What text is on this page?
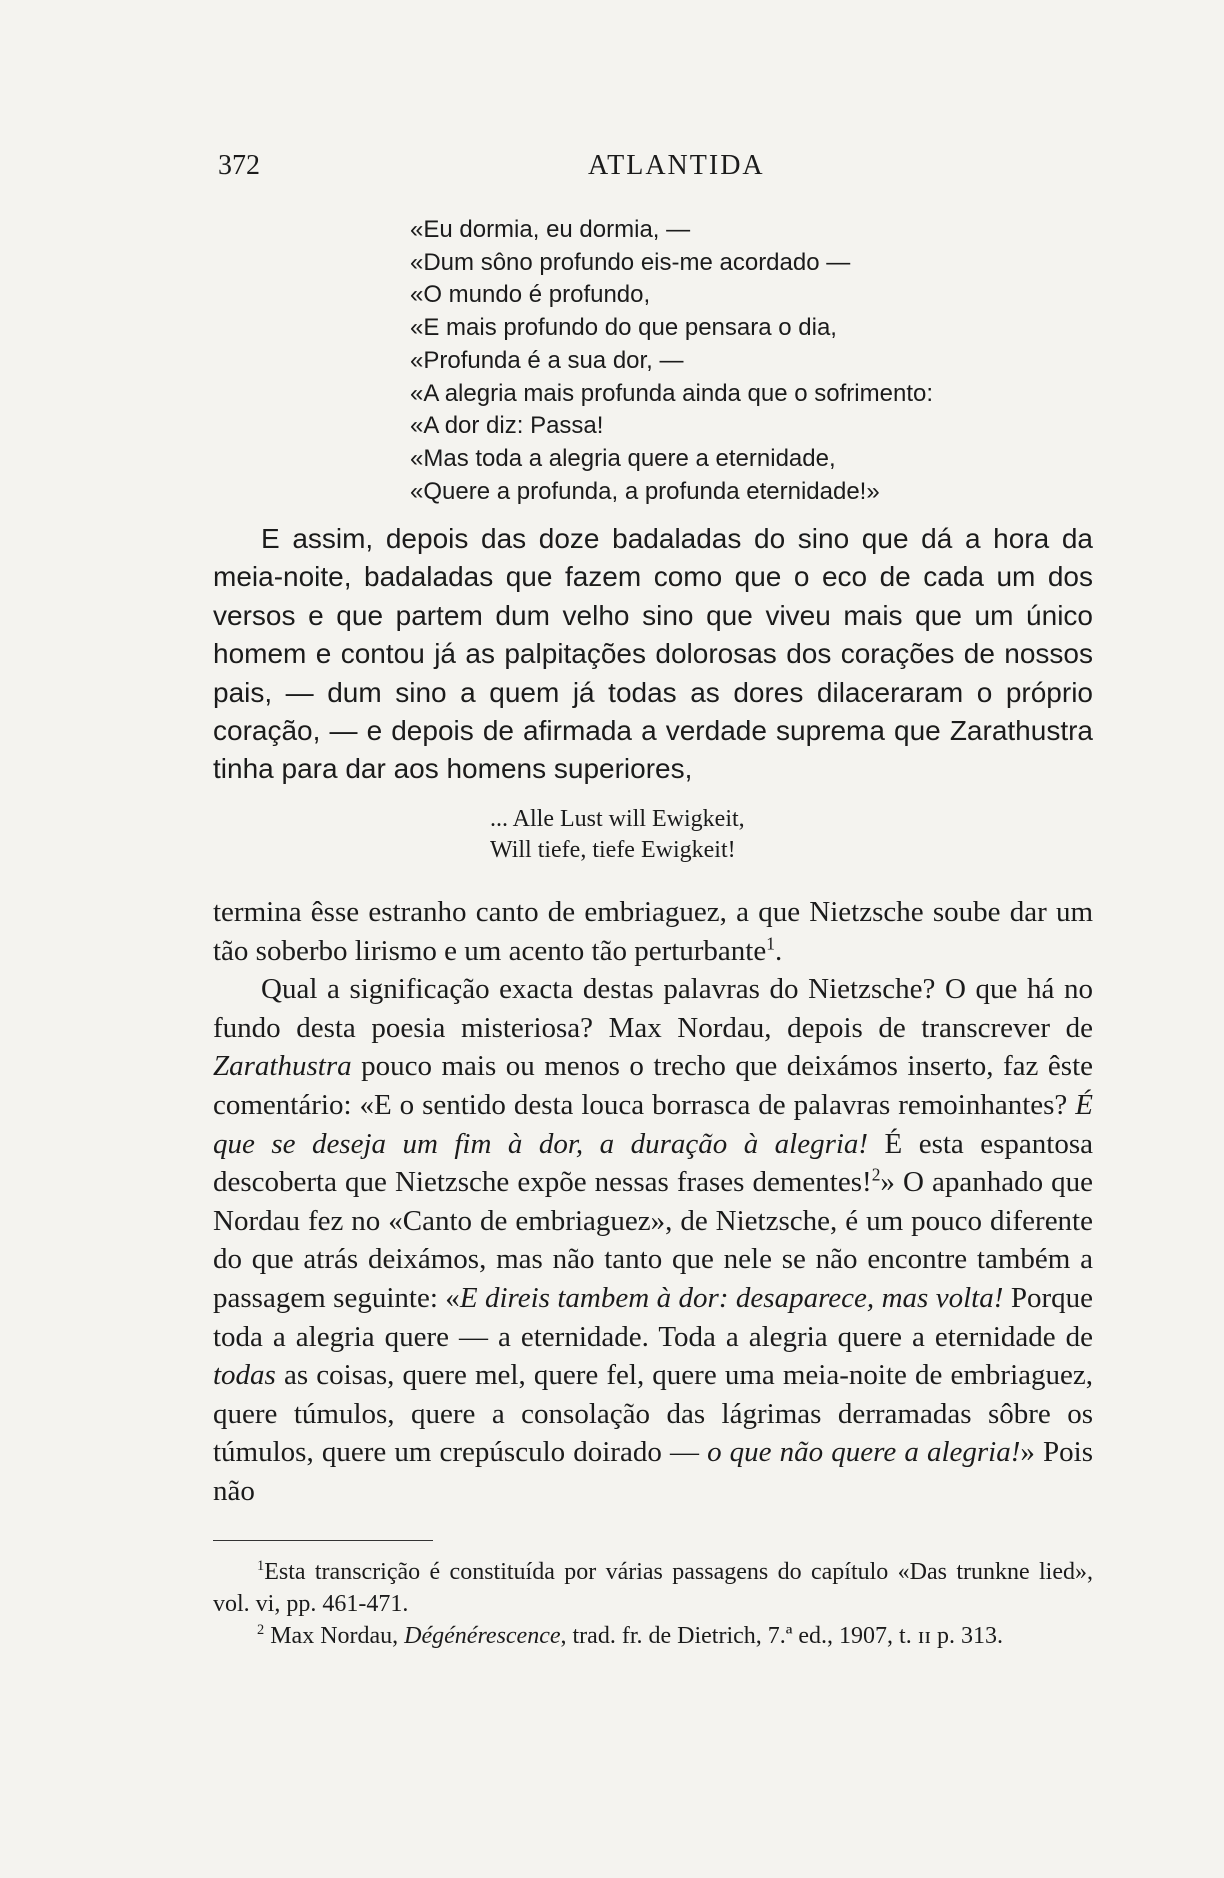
372	ATLANTIDA
«Eu dormia, eu dormia, —
«Dum sôno profundo eis-me acordado —
«O mundo é profundo,
«E mais profundo do que pensara o dia,
«Profunda é a sua dor, —
«A alegria mais profunda ainda que o sofrimento:
«A dor diz: Passa!
«Mas toda a alegria quere a eternidade,
«Quere a profunda, a profunda eternidade!»

E assim, depois das doze badaladas do sino que dá a hora da meia-noite, badaladas que fazem como que o eco de cada um dos versos e que partem dum velho sino que viveu mais que um único homem e contou já as palpitações dolorosas dos corações de nossos pais, — dum sino a quem já todas as dores dilaceraram o próprio coração, — e depois de afirmada a verdade suprema que Zarathustra tinha para dar aos homens superiores,

... Alle Lust will Ewigkeit,
Will tiefe, tiefe Ewigkeit!

termina êsse estranho canto de embriaguez, a que Nietzsche soube dar um tão soberbo lirismo e um acento tão perturbante$^1$.

Qual a significação exacta destas palavras do Nietzsche? O que há no fundo desta poesia misteriosa? Max Nordau, depois de transcrever de Zarathustra pouco mais ou menos o trecho que deixámos inserto, faz êste comentário: «E o sentido desta louca borrasca de palavras remoinhantes? É que se deseja um fim à dor, a duração à alegria! É esta espantosa descoberta que Nietzsche expõe nessas frases dementes!$^2$» O apanhado que Nordau fez no «Canto de embriaguez», de Nietzsche, é um pouco diferente do que atrás deixámos, mas não tanto que nele se não encontre também a passagem seguinte: «E direis tambem à dor: desaparece, mas volta! Porque toda a alegria quere — a eternidade. Toda a alegria quere a eternidade de todas as coisas, quere mel, quere fel, quere uma meia-noite de embriaguez, quere túmulos, quere a consolação das lágrimas derramadas sôbre os túmulos, quere um crepúsculo doirado — o que não quere a alegria!» Pois não

$^1$Esta transcrição é constituída por várias passagens do capítulo «Das trunkne lied», vol. vi, pp. 461-471.

$^2$ Max Nordau, Dégénérescence, trad. fr. de Dietrich, 7.ª ed., 1907, t. ɪɪ p. 313.
